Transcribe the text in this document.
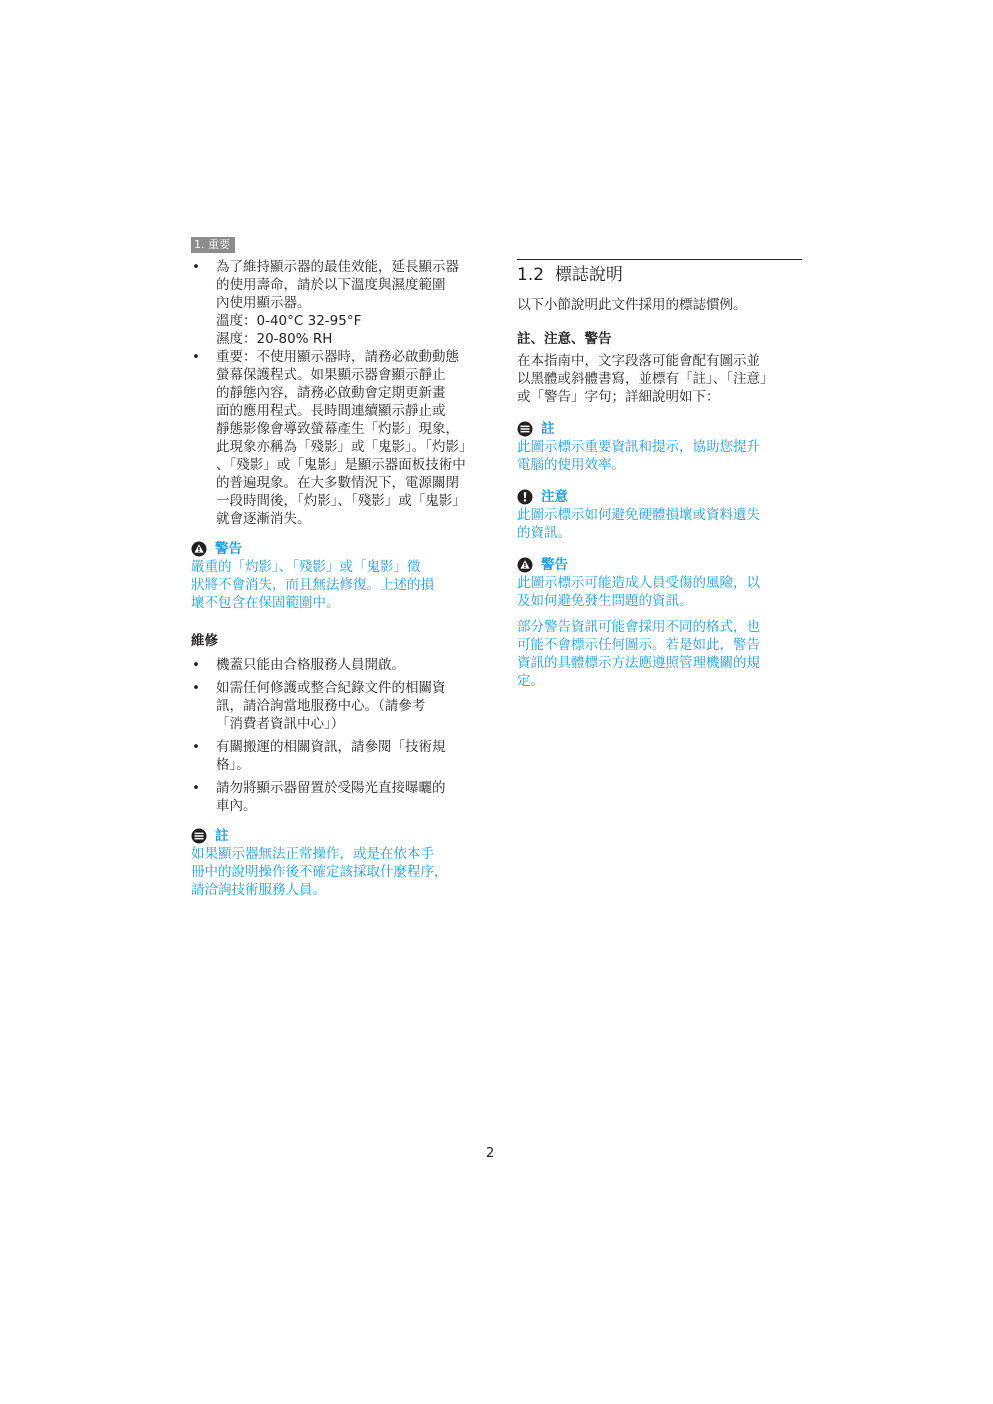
1. 重要
• 為了維持顯示器的最佳效能，延長顯示器
的使用壽命，請於以下溫度與濕度範圍
內使用顯示器。
溫度：0-40°C 32-95°F
濕度：20-80% RH
• 重要：不使用顯示器時，請務必啟動動態
螢幕保護程式。如果顯示器會顯示靜止
的靜態內容，請務必啟動會定期更新畫
面的應用程式。長時間連續顯示靜止或
靜態影像會導致螢幕產生「灼影」現象，
此現象亦稱為「殘影」或「鬼影」。「灼影」
、「殘影」或「鬼影」是顯示器面板技術中
的普遍現象。在大多數情況下，電源關閉
一段時間後，「灼影」、「殘影」或「鬼影」
就會逐漸消失。
警告

嚴重的「灼影」、「殘影」或「鬼影」徵
狀將不會消失，而且無法修復。上述的損
壞不包含在保固範圍中。

維修

• 機蓋只能由合格服務人員開啟。
• 如需任何修護或整合紀錄文件的相關資
訊，請洽詢當地服務中心。（請參考
「消費者資訊中心」）
• 有關搬運的相關資訊，請參閱「技術規
格」。
• 請勿將顯示器留置於受陽光直接曝曬的
車內。
註

如果顯示器無法正常操作，或是在依本手
冊中的說明操作後不確定該採取什麼程序，
請洽詢技術服務人員。

1.2 標誌說明

以下小節說明此文件採用的標誌慣例。

註、注意、警告

在本指南中，文字段落可能會配有圖示並
以黑體或斜體書寫，並標有「註」、「注意」
或「警告」字句；詳細說明如下：

註

此圖示標示重要資訊和提示，協助您提升
電腦的使用效率。

注意

此圖示標示如何避免硬體損壞或資料遺失
的資訊。

警告

此圖示標示可能造成人員受傷的風險，以
及如何避免發生問題的資訊。

部分警告資訊可能會採用不同的格式，也
可能不會標示任何圖示。若是如此，警告
資訊的具體標示方法應遵照管理機關的規
定。

2
